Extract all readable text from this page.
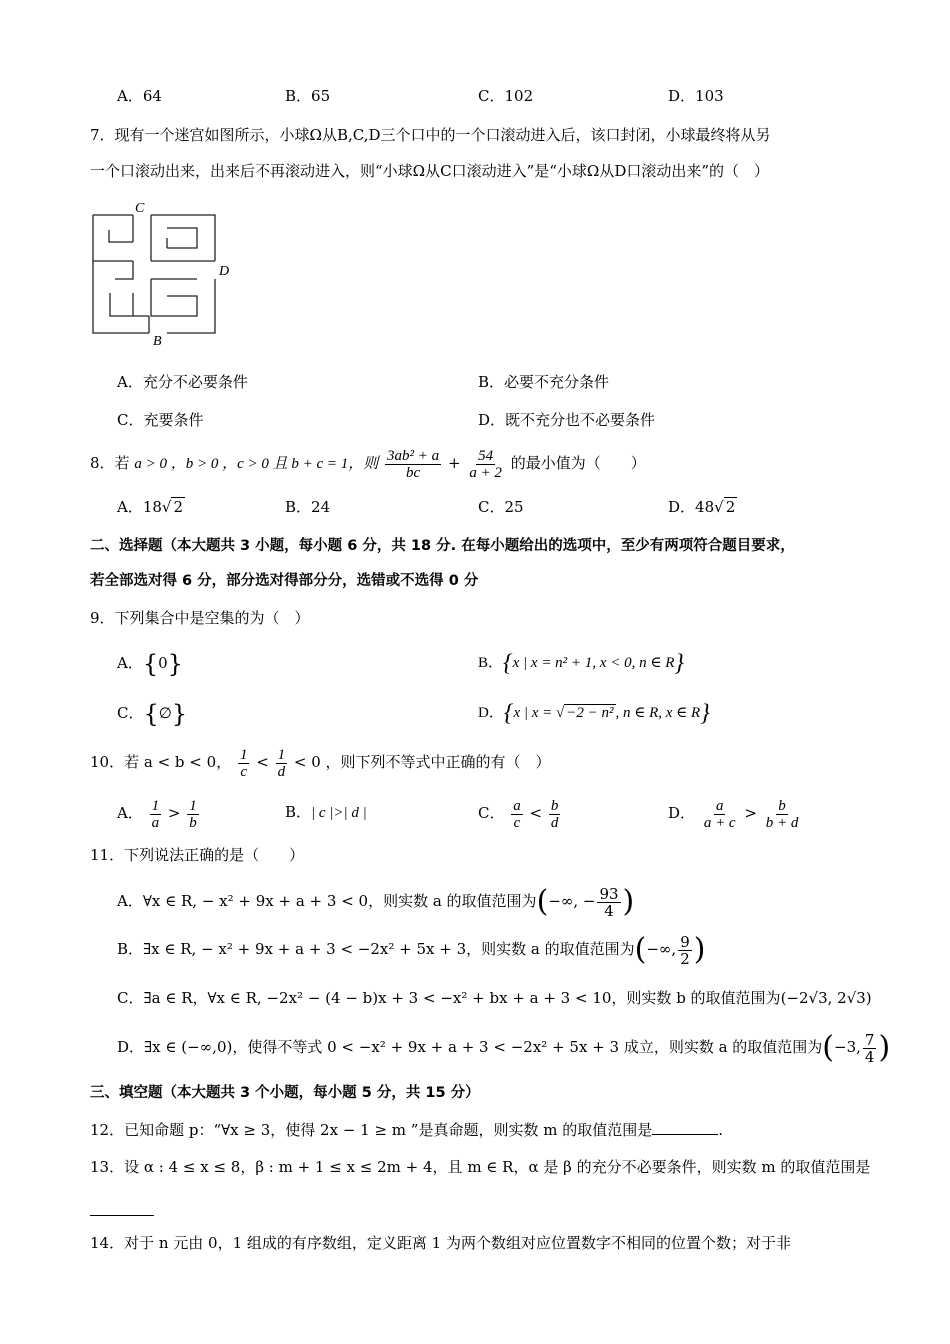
A．64	B．65	C．102	D．103
7．现有一个迷宫如图所示，小球Ω从B,C,D三个口中的一个口滚动进入后，该口封闭，小球最终将从另
一个口滚动出来，出来后不再滚动进入，则“小球Ω从C口滚动进入”是“小球Ω从D口滚动出来”的（　）
C
D
B
A．充分不必要条件	B．必要不充分条件
C．充要条件	D．既不充分也不必要条件
8．若 a > 0 ，b > 0 ，c > 0 且 b + c = 1，则 $\frac{\text{3ab² + a}}{bc} + \frac{54}{a + 2}$ 的最小值为（　　）
A．18√ 2	B．24	C．25	D．48√ 2
二、选择题（本大题共 3 小题，每小题 6 分，共 18 分. 在每小题给出的选项中，至少有两项符合题目要求，
若全部选对得 6 分，部分选对得部分分，选错或不选得 0 分
9．下列集合中是空集的为（　）
A．{0}	B．{x | x = n² + 1, x < 0, n ∈ R}
C．{∅}	D．{x | x = √ −2 − n² , n ∈ R, x ∈ R}
10．若 a < b < 0， $\frac{1}{c} < \frac{1}{d} < 0$ ，则下列不等式中正确的有（　）
A． $\frac{1}{a} > \frac{1}{b}$	B．| c |>| d |	C． $\frac{a}{c} < \frac{b}{d}$	D． $\frac{a}{a + c} > \frac{b}{b + d}$
11．下列说法正确的是（　　）
A．∀x ∈ R, − x² + 9x + a + 3 < 0，则实数 a 的取值范围为(−∞, − $\frac{93}{4}$ )
B．∃x ∈ R, − x² + 9x + a + 3 < −2x² + 5x + 3，则实数 a 的取值范围为(−∞, $\frac{9}{2}$ )
C．∃a ∈ R，∀x ∈ R, −2x² − (4 − b)x + 3 < −x² + bx + a + 3 < 10，则实数 b 的取值范围为(−2√3, 2√3)
D．∃x ∈ (−∞,0)，使得不等式 0 < −x² + 9x + a + 3 < −2x² + 5x + 3 成立，则实数 a 的取值范围为(−3, $\frac{7}{4}$ )
三、填空题（本大题共 3 个小题，每小题 5 分，共 15 分）
12．已知命题 p：“∀x ≥ 3，使得 2x − 1 ≥ m ”是真命题，则实数 m 的取值范围是	.
13．设 α : 4 ≤ x ≤ 8，β : m + 1 ≤ x ≤ 2m + 4，且 m ∈ R，α 是 β 的充分不必要条件，则实数 m 的取值范围是

14．对于 n 元由 0，1 组成的有序数组，定义距离 1 为两个数组对应位置数字不相同的位置个数；对于非
